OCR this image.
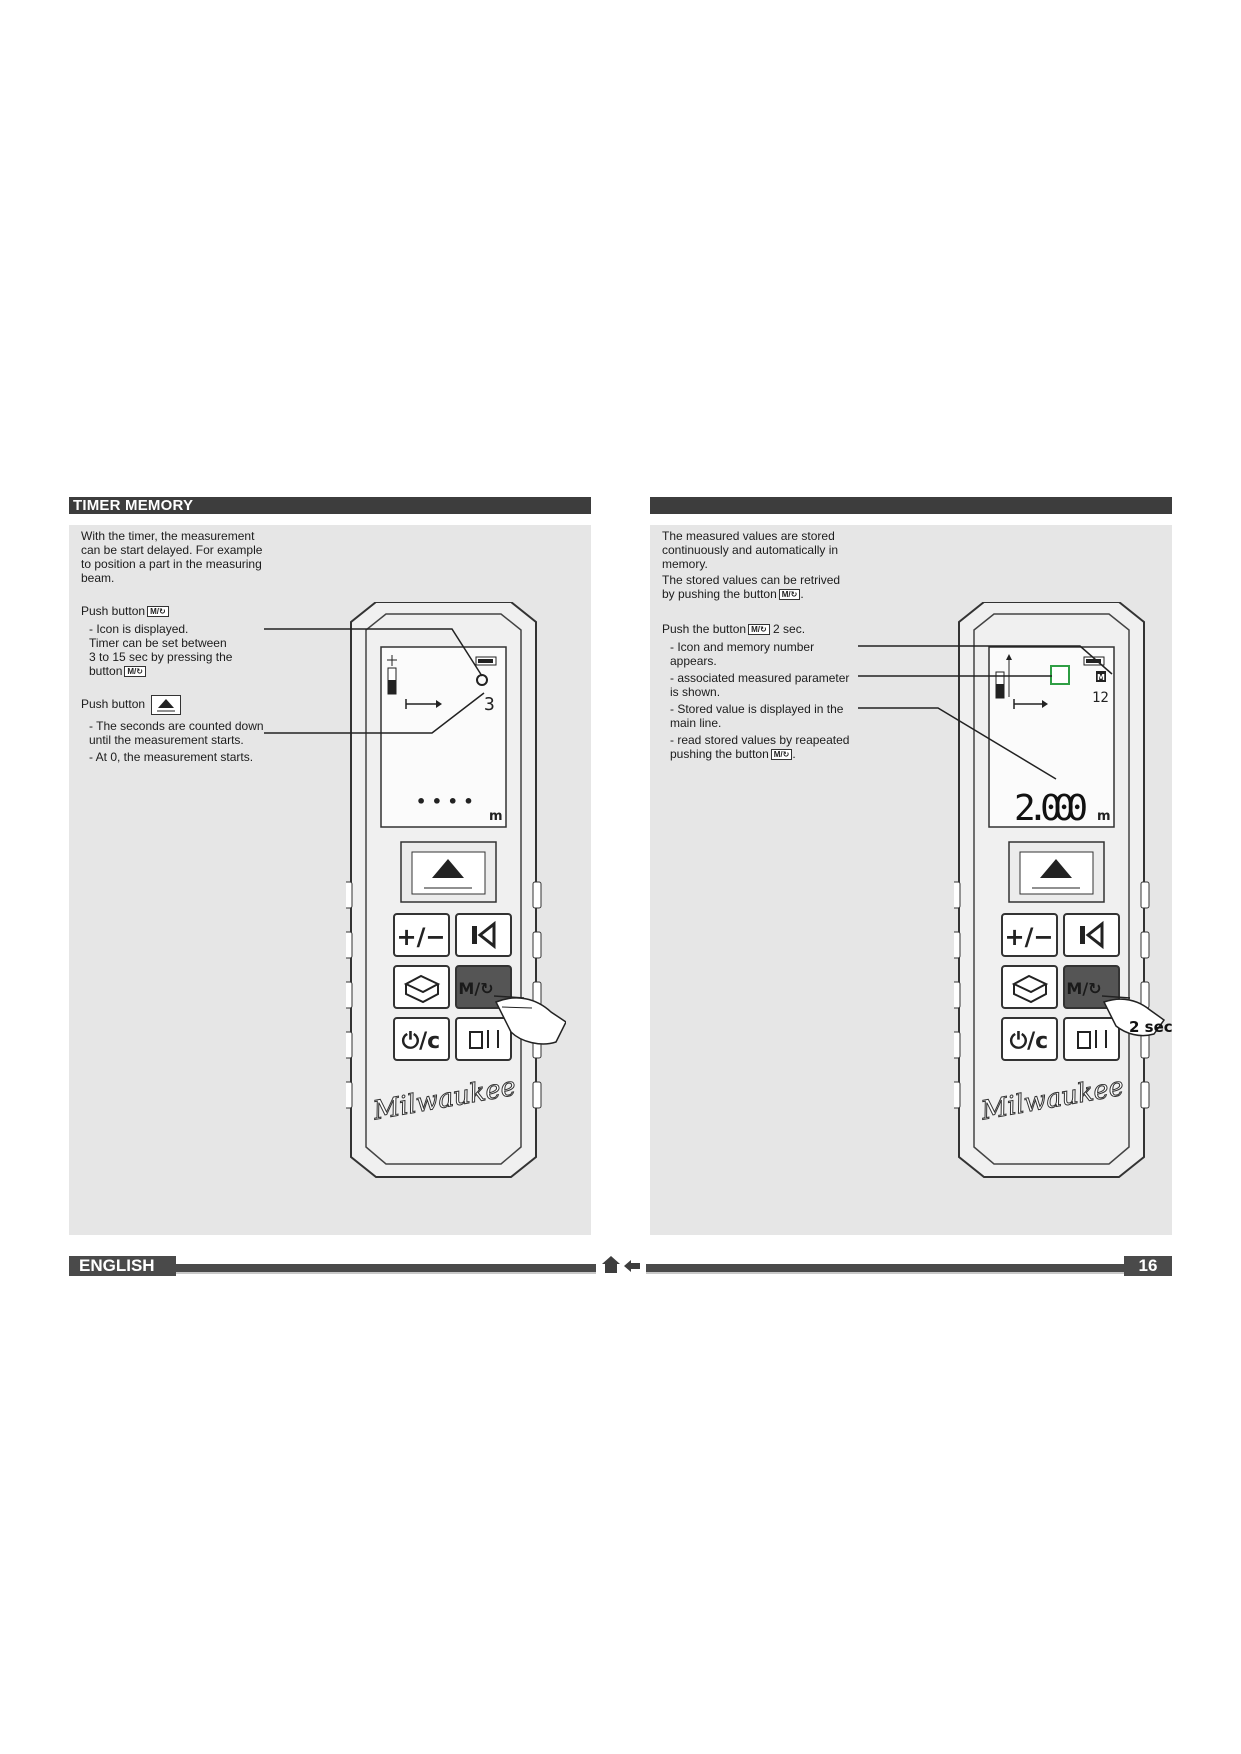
TIMER MEMORY

With the timer, the measurement

can be start delayed. For example

to position a part in the measuring

beam.

Push button M/↻

- Icon is displayed.

Timer can be set between

3 to 15 sec by pressing the

button M/↻

Push button

- The seconds are counted down

until the measurement starts.

- At 0, the measurement starts.

The measured values are stored

continuously and automatically in

memory.

The stored values can be retrived

by pushing the button M/↻ .

Push the button M/↻ 2 sec.

- Icon and memory number

appears.

- associated measured parameter

is shown.

- Stored value is displayed in the

main line.

- read stored values by reapeated

pushing the button M/↻ .

3
• • • •
m
+/−
M/↻
⏻/c
Milwaukee
M
12
2.000 m
+/−
M/↻
⏻/c
Milwaukee
2 sec
ENGLISH	16
